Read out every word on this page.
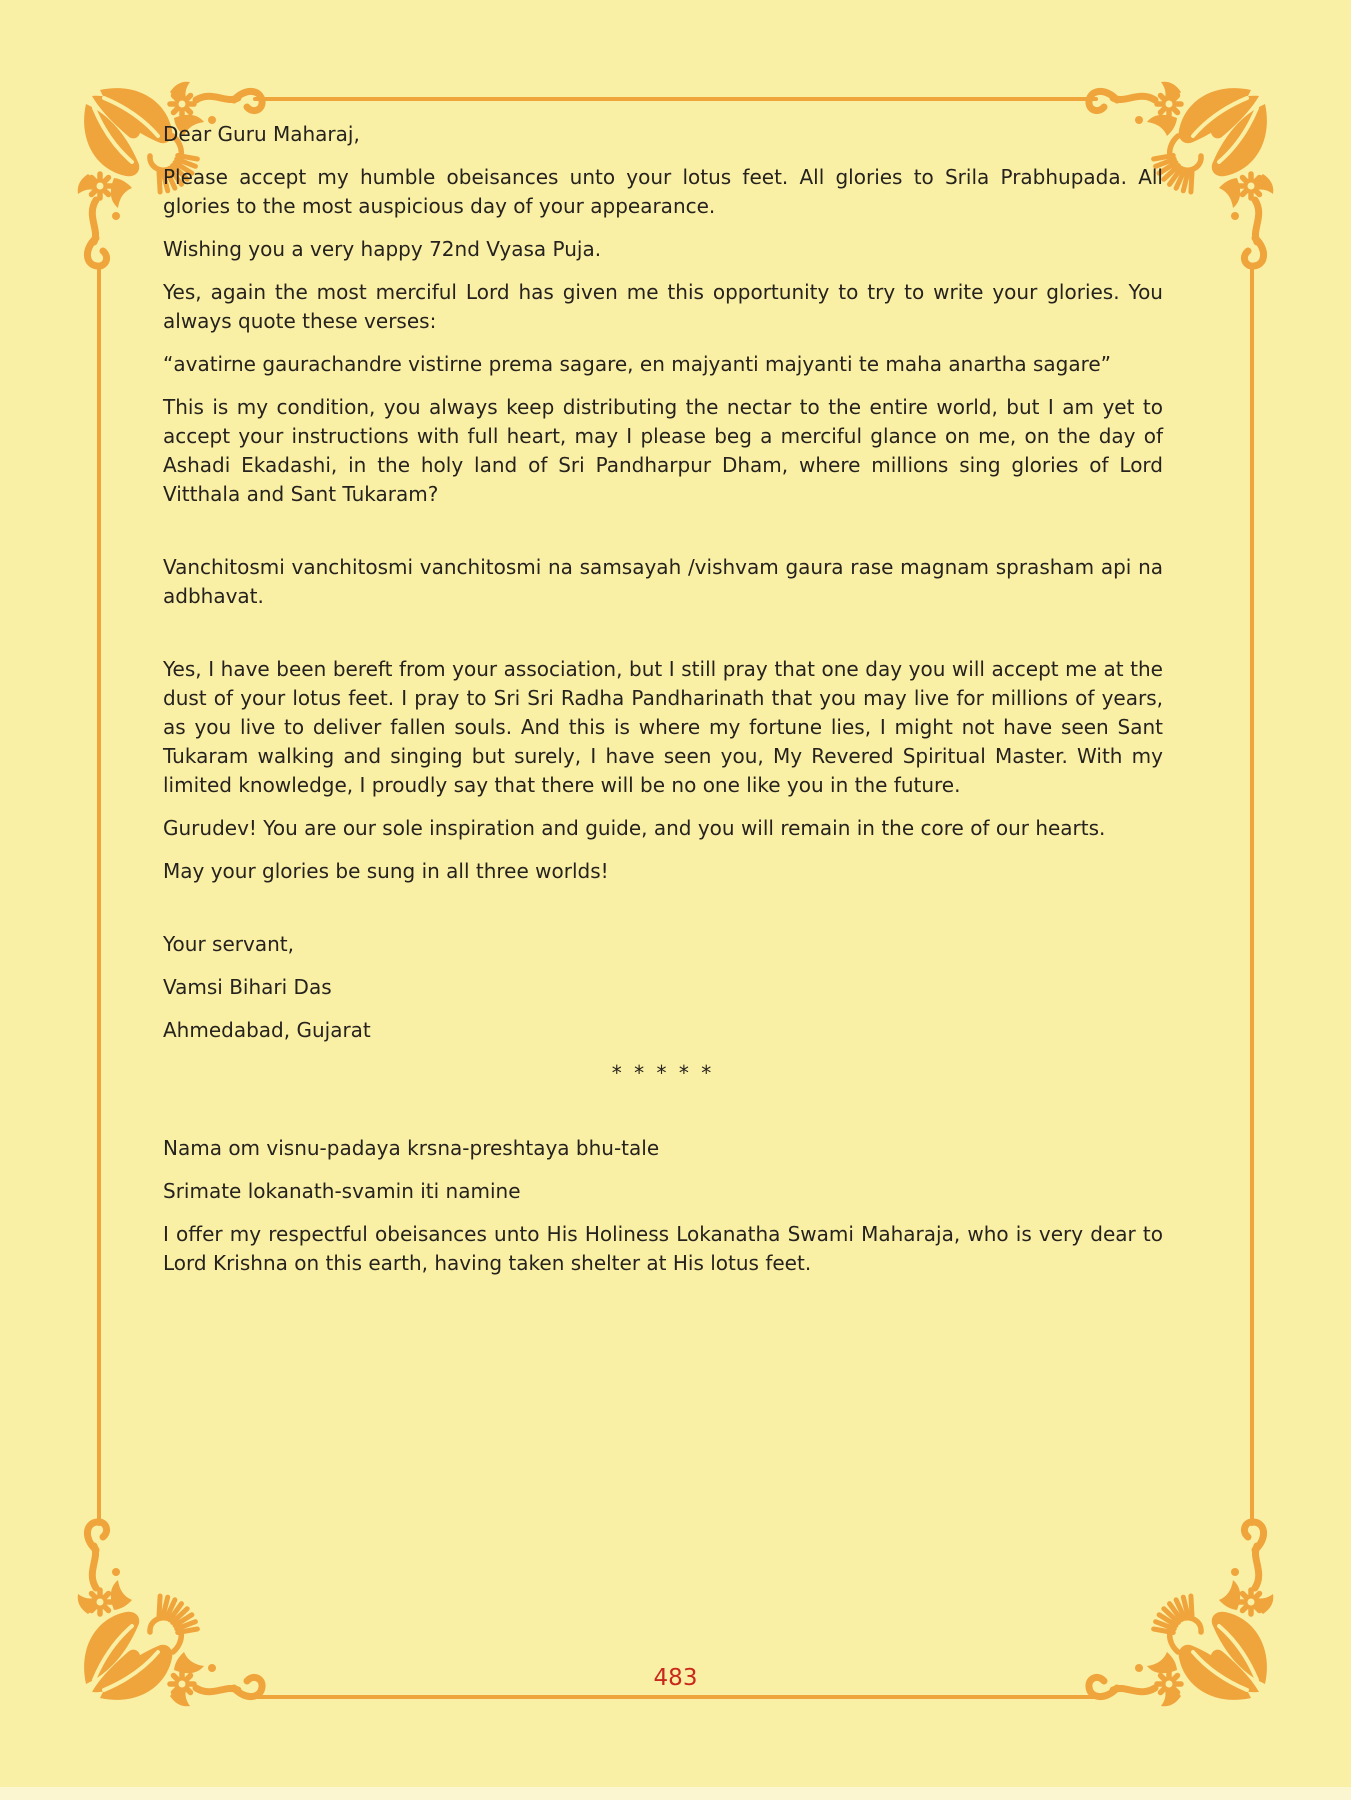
Dear Guru Maharaj,

Please accept my humble obeisances unto your lotus feet. All glories to Srila Prabhupada. All glories to the most auspicious day of your appearance.

Wishing you a very happy 72nd Vyasa Puja.

Yes, again the most merciful Lord has given me this opportunity to try to write your glories. You always quote these verses:

“avatirne gaurachandre vistirne prema sagare, en majyanti majyanti te maha anartha sagare”

This is my condition, you always keep distributing the nectar to the entire world, but I am yet to accept your instructions with full heart, may I please beg a merciful glance on me, on the day of Ashadi Ekadashi, in the holy land of Sri Pandharpur Dham, where millions sing glories of Lord Vitthala and Sant Tukaram?

Vanchitosmi vanchitosmi vanchitosmi na samsayah /vishvam gaura rase magnam sprasham api na adbhavat.

Yes, I have been bereft from your association, but I still pray that one day you will accept me at the dust of your lotus feet. I pray to Sri Sri Radha Pandharinath that you may live for millions of years, as you live to deliver fallen souls. And this is where my fortune lies, I might not have seen Sant Tukaram walking and singing but surely, I have seen you, My Revered Spiritual Master. With my limited knowledge, I proudly say that there will be no one like you in the future.

Gurudev! You are our sole inspiration and guide, and you will remain in the core of our hearts.

May your glories be sung in all three worlds!

Your servant,

Vamsi Bihari Das

Ahmedabad, Gujarat

* * * * *

Nama om visnu-padaya krsna-preshtaya bhu-tale

Srimate lokanath-svamin iti namine

I offer my respectful obeisances unto His Holiness Lokanatha Swami Maharaja, who is very dear to Lord Krishna on this earth, having taken shelter at His lotus feet.

483
